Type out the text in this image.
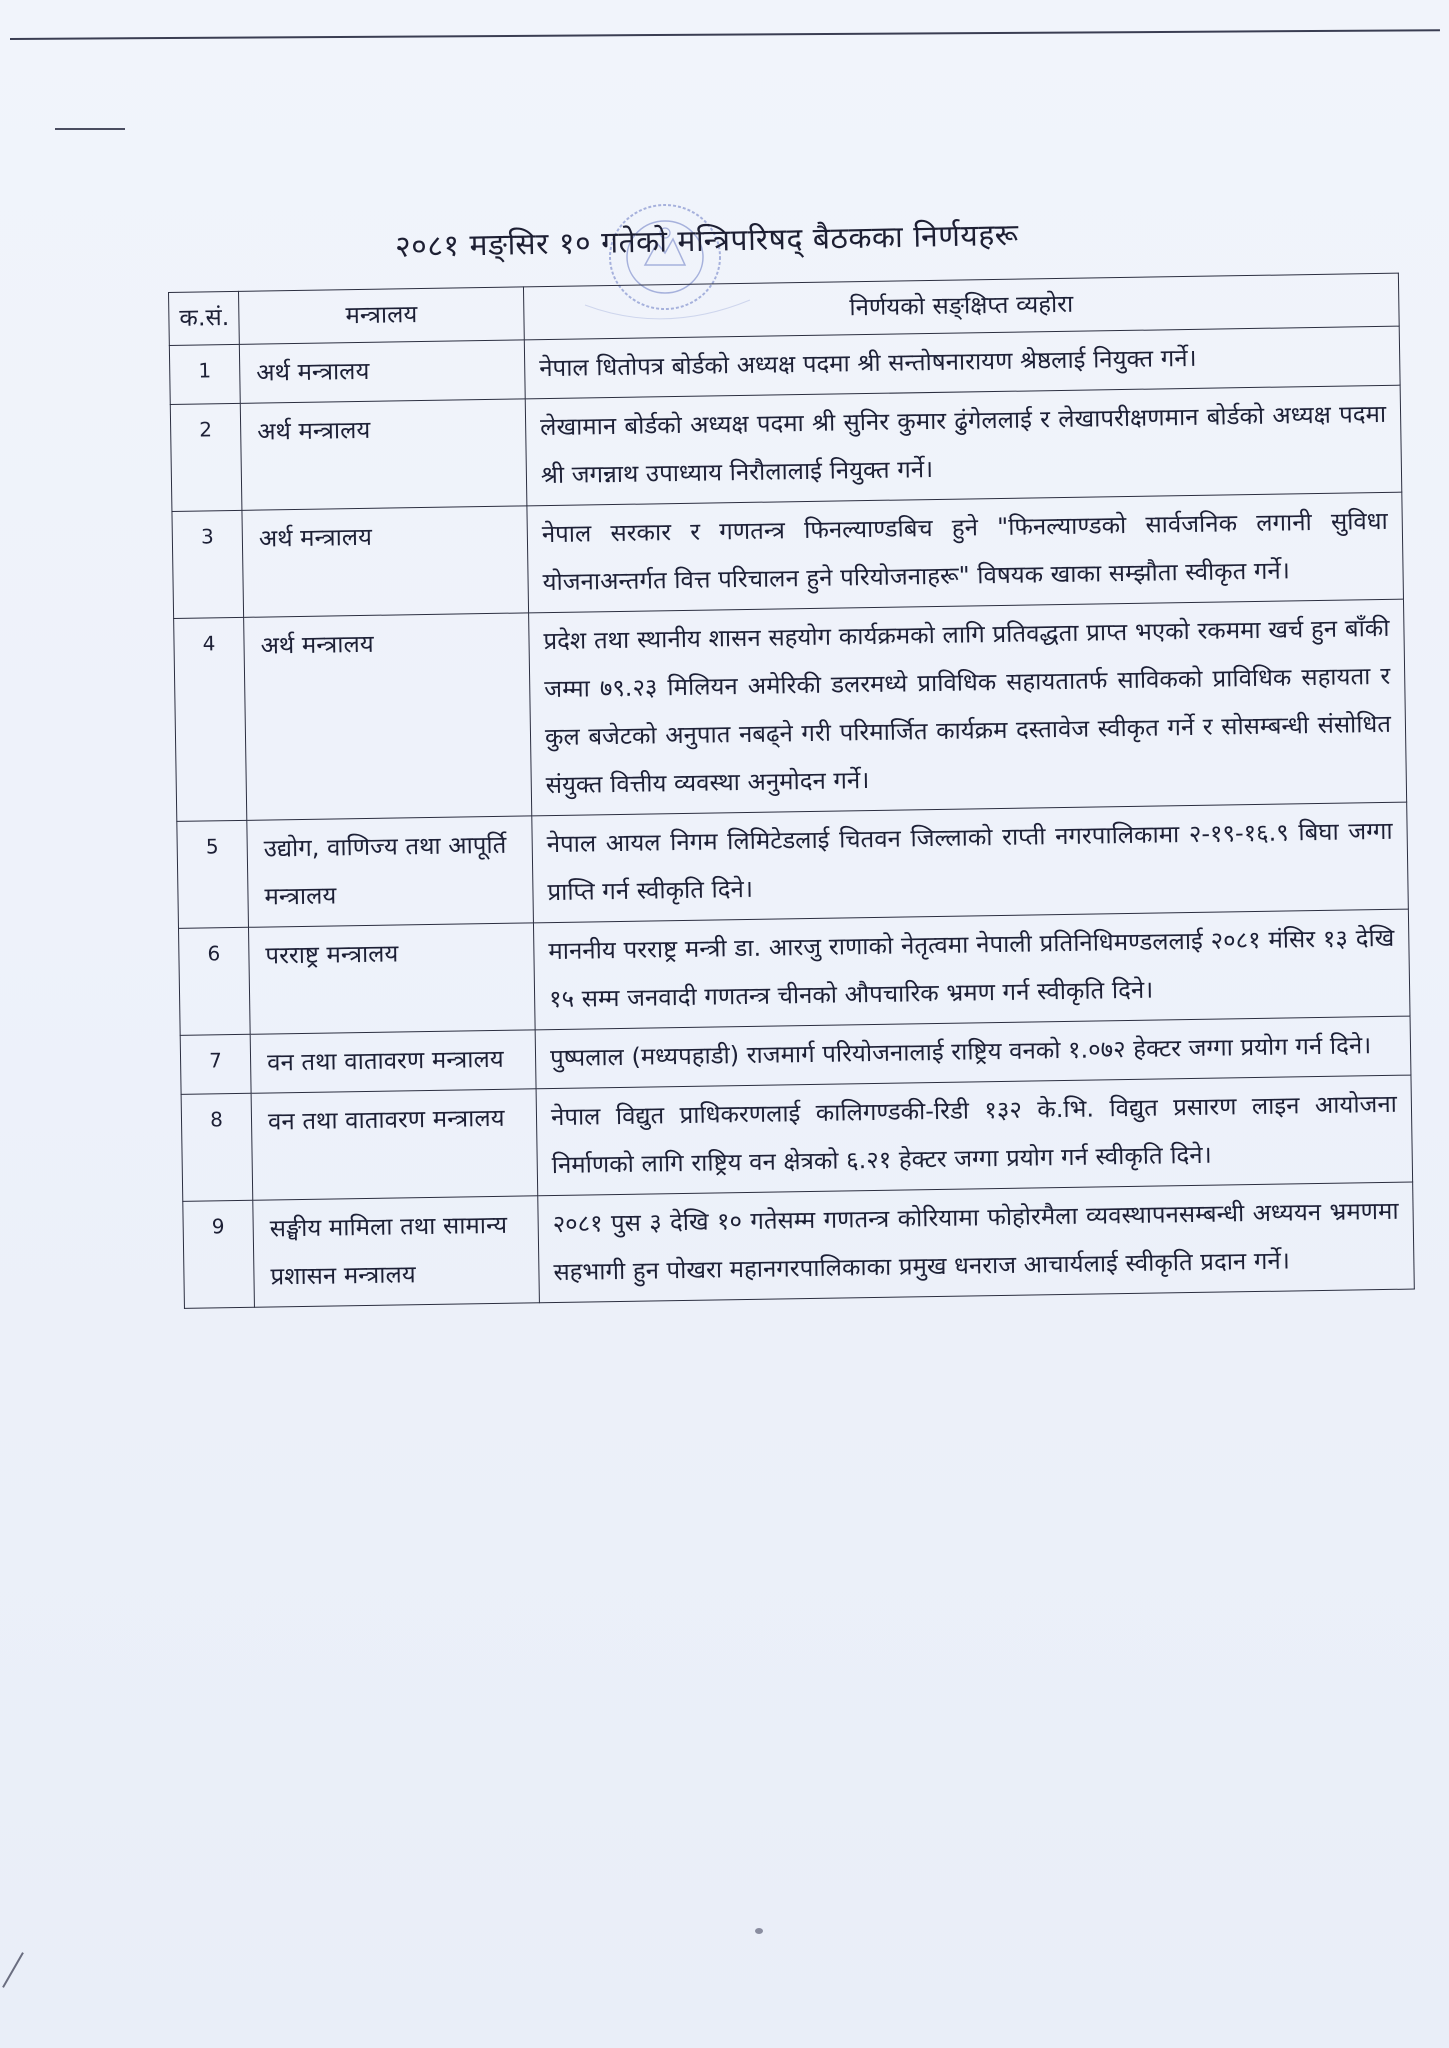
२०८१ मङ्सिर १० गतेको मन्त्रिपरिषद् बैठकका निर्णयहरू
क.सं.	मन्त्रालय	निर्णयको सङ्क्षिप्त व्यहोरा
1	अर्थ मन्त्रालय	नेपाल धितोपत्र बोर्डको अध्यक्ष पदमा श्री सन्तोषनारायण श्रेष्ठलाई नियुक्त गर्ने।
2	अर्थ मन्त्रालय	लेखामान बोर्डको अध्यक्ष पदमा श्री सुनिर कुमार ढुंगेललाई र लेखापरीक्षणमान बोर्डको अध्यक्ष पदमा श्री जगन्नाथ उपाध्याय निरौलालाई नियुक्त गर्ने।
3	अर्थ मन्त्रालय	नेपाल सरकार र गणतन्त्र फिनल्याण्डबिच हुने "फिनल्याण्डको सार्वजनिक लगानी सुविधा योजनाअन्तर्गत वित्त परिचालन हुने परियोजनाहरू" विषयक खाका सम्झौता स्वीकृत गर्ने।
4	अर्थ मन्त्रालय	प्रदेश तथा स्थानीय शासन सहयोग कार्यक्रमको लागि प्रतिवद्धता प्राप्त भएको रकममा खर्च हुन बाँकी जम्मा ७९.२३ मिलियन अमेरिकी डलरमध्ये प्राविधिक सहायतातर्फ साविकको प्राविधिक सहायता र कुल बजेटको अनुपात नबढ्ने गरी परिमार्जित कार्यक्रम दस्तावेज स्वीकृत गर्ने र सोसम्बन्धी संसोधित संयुक्त वित्तीय व्यवस्था अनुमोदन गर्ने।
5	उद्योग, वाणिज्य तथा आपूर्ति मन्त्रालय	नेपाल आयल निगम लिमिटेडलाई चितवन जिल्लाको राप्ती नगरपालिकामा २-१९-१६.९ बिघा जग्गा प्राप्ति गर्न स्वीकृति दिने।
6	परराष्ट्र मन्त्रालय	माननीय परराष्ट्र मन्त्री डा. आरजु राणाको नेतृत्वमा नेपाली प्रतिनिधिमण्डललाई २०८१ मंसिर १३ देखि १५ सम्म जनवादी गणतन्त्र चीनको औपचारिक भ्रमण गर्न स्वीकृति दिने।
7	वन तथा वातावरण मन्त्रालय	पुष्पलाल (मध्यपहाडी) राजमार्ग परियोजनालाई राष्ट्रिय वनको १.०७२ हेक्टर जग्गा प्रयोग गर्न दिने।
8	वन तथा वातावरण मन्त्रालय	नेपाल विद्युत प्राधिकरणलाई कालिगण्डकी-रिडी १३२ के.भि. विद्युत प्रसारण लाइन आयोजना निर्माणको लागि राष्ट्रिय वन क्षेत्रको ६.२१ हेक्टर जग्गा प्रयोग गर्न स्वीकृति दिने।
9	सङ्घीय मामिला तथा सामान्य प्रशासन मन्त्रालय	२०८१ पुस ३ देखि १० गतेसम्म गणतन्त्र कोरियामा फोहोरमैला व्यवस्थापनसम्बन्धी अध्ययन भ्रमणमा सहभागी हुन पोखरा महानगरपालिकाका प्रमुख धनराज आचार्यलाई स्वीकृति प्रदान गर्ने।
